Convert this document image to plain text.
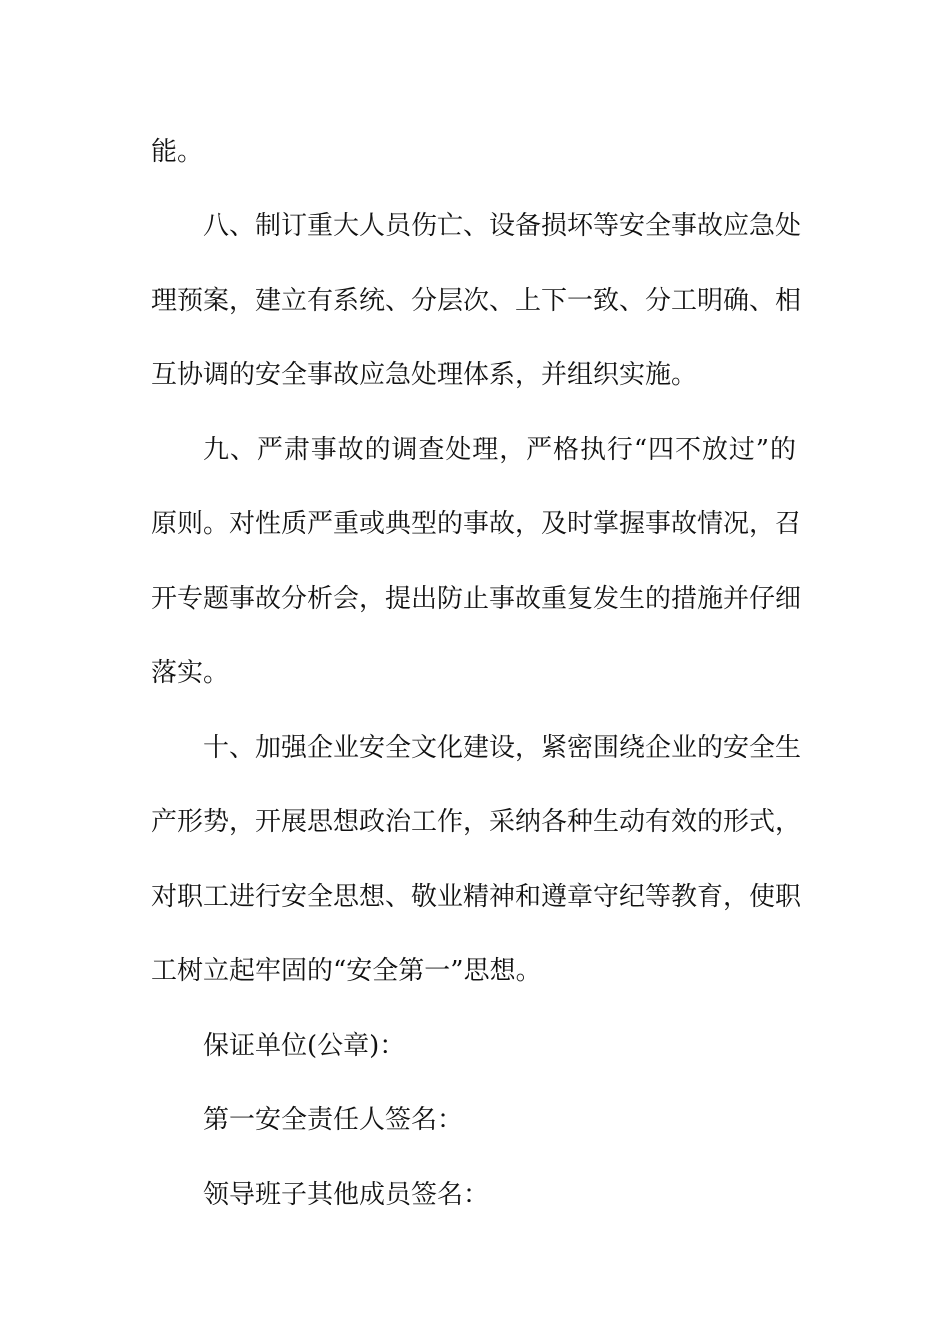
能。
八、制订重大人员伤亡、设备损坏等安全事故应急处
理预案，建立有系统、分层次、上下一致、分工明确、相
互协调的安全事故应急处理体系，并组织实施。
九、严肃事故的调查处理，严格执行“四不放过”的
原则。对性质严重或典型的事故，及时掌握事故情况，召
开专题事故分析会，提出防止事故重复发生的措施并仔细
落实。
十、加强企业安全文化建设，紧密围绕企业的安全生
产形势，开展思想政治工作，采纳各种生动有效的形式，
对职工进行安全思想、敬业精神和遵章守纪等教育，使职
工树立起牢固的“安全第一”思想。
保证单位(公章)：
第一安全责任人签名：
领导班子其他成员签名：
